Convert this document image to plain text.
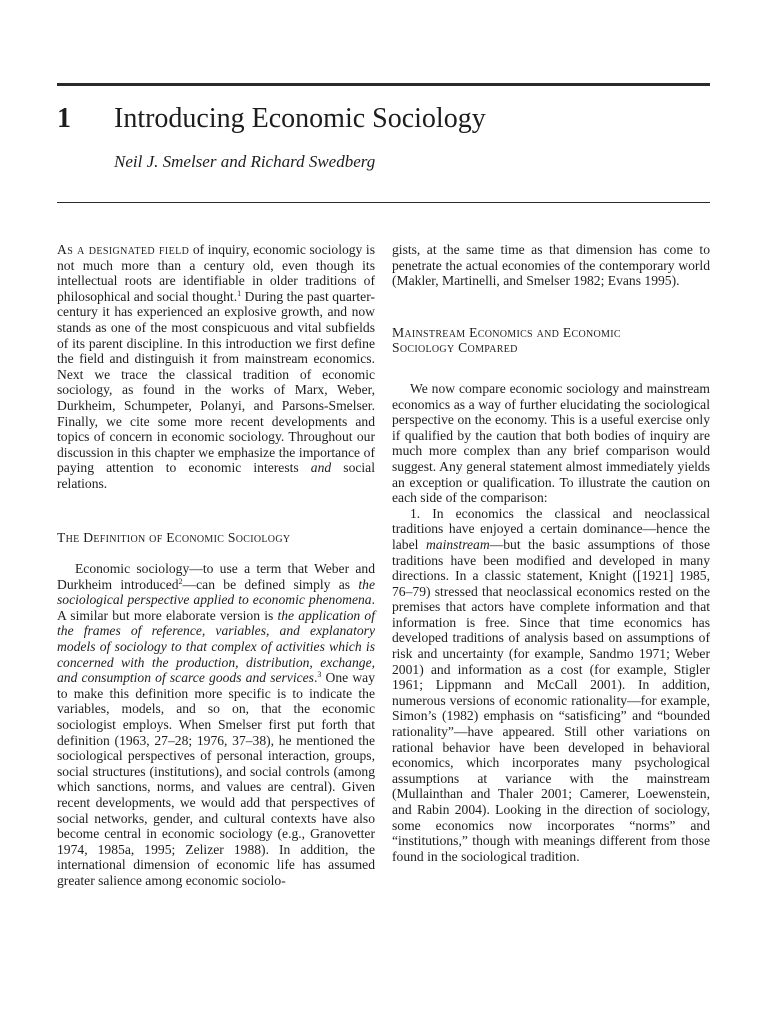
1 Introducing Economic Sociology
Neil J. Smelser and Richard Swedberg

As a designated field of inquiry, economic sociology is not much more than a century old, even though its intellectual roots are identifiable in older traditions of philosophical and social thought.$^1$ During the past quarter-century it has experienced an explosive growth, and now stands as one of the most conspicuous and vital subfields of its parent discipline. In this introduction we first define the field and distinguish it from mainstream economics. Next we trace the classical tradition of economic sociology, as found in the works of Marx, Weber, Durkheim, Schumpeter, Polanyi, and Parsons-Smelser. Finally, we cite some more recent developments and topics of concern in economic sociology. Throughout our discussion in this chapter we emphasize the importance of paying attention to economic interests and social relations.

The Definition of Economic Sociology

Economic sociology—to use a term that Weber and Durkheim introduced$^2$—can be defined simply as the sociological perspective applied to economic phenomena. A similar but more elaborate version is the application of the frames of reference, variables, and explanatory models of sociology to that complex of activities which is concerned with the production, distribution, exchange, and consumption of scarce goods and services.$^3$ One way to make this definition more specific is to indicate the variables, models, and so on, that the economic sociologist employs. When Smelser first put forth that definition (1963, 27–28; 1976, 37–38), he mentioned the sociological perspectives of personal interaction, groups, social structures (institutions), and social controls (among which sanctions, norms, and values are central). Given recent developments, we would add that perspectives of social networks, gender, and cultural contexts have also become central in economic sociology (e.g., Granovetter 1974, 1985a, 1995; Zelizer 1988). In addition, the international dimension of economic life has assumed greater salience among economic sociolo-

gists, at the same time as that dimension has come to penetrate the actual economies of the contemporary world (Makler, Martinelli, and Smelser 1982; Evans 1995).

Mainstream Economics and Economic
Sociology Compared

We now compare economic sociology and mainstream economics as a way of further elucidating the sociological perspective on the economy. This is a useful exercise only if qualified by the caution that both bodies of inquiry are much more complex than any brief comparison would suggest. Any general statement almost immediately yields an exception or qualification. To illustrate the caution on each side of the comparison:

1. In economics the classical and neoclassical traditions have enjoyed a certain dominance—hence the label mainstream—but the basic assumptions of those traditions have been modified and developed in many directions. In a classic statement, Knight ([1921] 1985, 76–79) stressed that neoclassical economics rested on the premises that actors have complete information and that information is free. Since that time economics has developed traditions of analysis based on assumptions of risk and uncertainty (for example, Sandmo 1971; Weber 2001) and information as a cost (for example, Stigler 1961; Lippmann and McCall 2001). In addition, numerous versions of economic rationality—for example, Simon’s (1982) emphasis on “satisficing” and “bounded rationality”—have appeared. Still other variations on rational behavior have been developed in behavioral economics, which incorporates many psychological assumptions at variance with the mainstream (Mullainthan and Thaler 2001; Camerer, Loewenstein, and Rabin 2004). Looking in the direction of sociology, some economics now incorporates “norms” and “institutions,” though with meanings different from those found in the sociological tradition.
